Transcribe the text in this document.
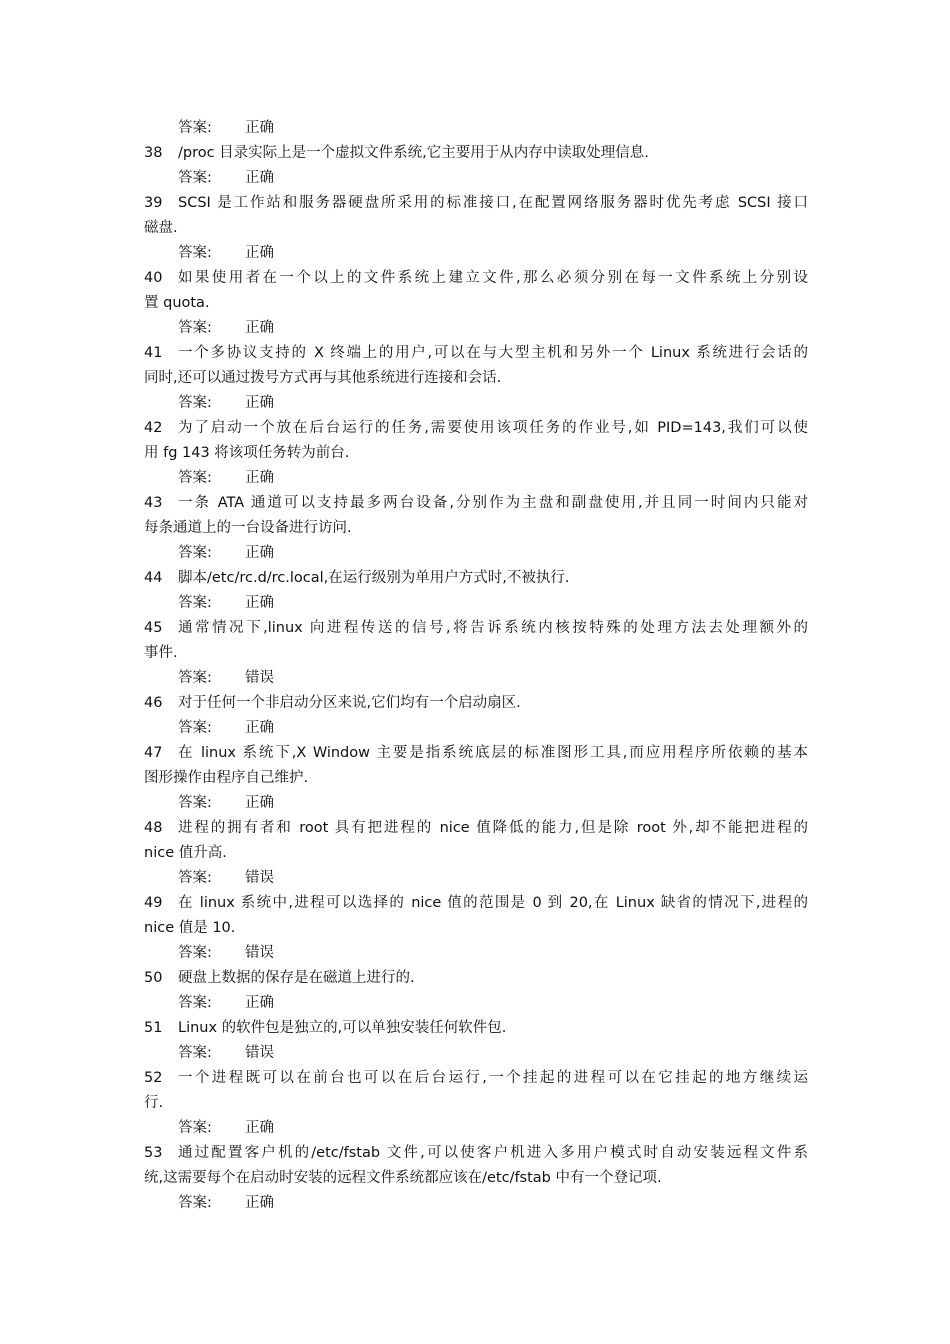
答案: 正确
38 /proc 目录实际上是一个虚拟文件系统,它主要用于从内存中读取处理信息.
答案: 正确
39	SCSI 是工作站和服务器硬盘所采用的标准接口,在配置网络服务器时优先考虑 SCSI 接口
磁盘.
答案: 正确
40	如果使用者在一个以上的文件系统上建立文件,那么必须分别在每一文件系统上分别设
置 quota.
答案: 正确
41	一个多协议支持的 X 终端上的用户,可以在与大型主机和另外一个 Linux 系统进行会话的
同时,还可以通过拨号方式再与其他系统进行连接和会话.
答案: 正确
42	为了启动一个放在后台运行的任务,需要使用该项任务的作业号,如 PID=143,我们可以使
用 fg 143 将该项任务转为前台.
答案: 正确
43	一条 ATA 通道可以支持最多两台设备,分别作为主盘和副盘使用,并且同一时间内只能对
每条通道上的一台设备进行访问.
答案: 正确
44 脚本/etc/rc.d/rc.local,在运行级别为单用户方式时,不被执行.
答案: 正确
45	通常情况下,linux 向进程传送的信号,将告诉系统内核按特殊的处理方法去处理额外的
事件.
答案: 错误
46 对于任何一个非启动分区来说,它们均有一个启动扇区.
答案: 正确
47	在 linux 系统下,X Window 主要是指系统底层的标准图形工具,而应用程序所依赖的基本
图形操作由程序自己维护.
答案: 正确
48	进程的拥有者和 root 具有把进程的 nice 值降低的能力,但是除 root 外,却不能把进程的
nice 值升高.
答案: 错误
49	在 linux 系统中,进程可以选择的 nice 值的范围是 0 到 20,在 Linux 缺省的情况下,进程的
nice 值是 10.
答案: 错误
50 硬盘上数据的保存是在磁道上进行的.
答案: 正确
51 Linux 的软件包是独立的,可以单独安装任何软件包.
答案: 错误
52	一个进程既可以在前台也可以在后台运行,一个挂起的进程可以在它挂起的地方继续运
行.
答案: 正确
53	通过配置客户机的/etc/fstab 文件,可以使客户机进入多用户模式时自动安装远程文件系
统,这需要每个在启动时安装的远程文件系统都应该在/etc/fstab 中有一个登记项.
答案: 正确
